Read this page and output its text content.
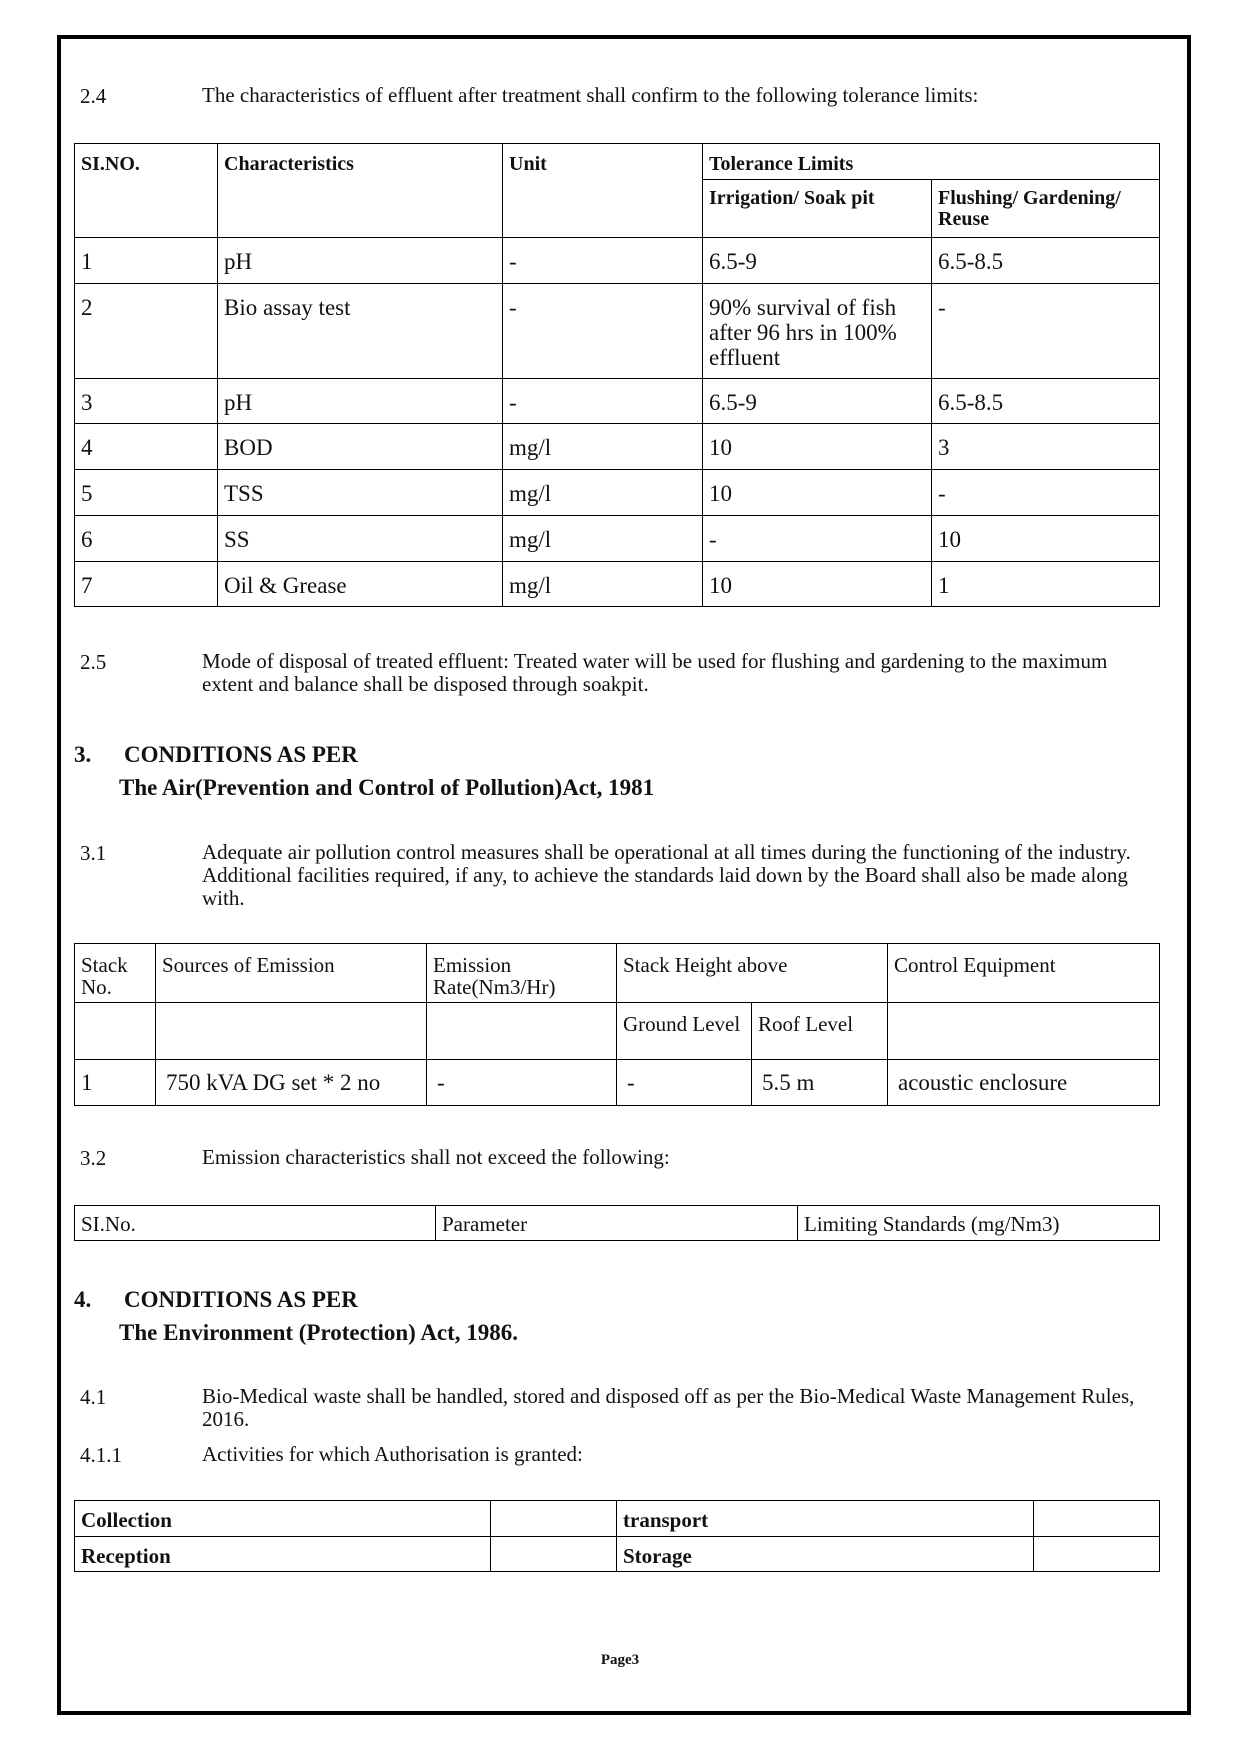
2.4	The characteristics of effluent after treatment shall confirm to the following tolerance limits:
SI.NO.	Characteristics	Unit	Tolerance Limits	
			Irrigation/ Soak pit	Flushing/ Gardening/ Reuse
1	pH	-	6.5-9	6.5-8.5
2	Bio assay test	-	90% survival of fish after 96 hrs in 100% effluent	-
3	pH	-	6.5-9	6.5-8.5
4	BOD	mg/l	10	3
5	TSS	mg/l	10	-
6	SS	mg/l	-	10
7	Oil & Grease	mg/l	10	1
2.5	Mode of disposal of treated effluent: Treated water will be used for flushing and gardening to the maximum extent and balance shall be disposed through soakpit.
3. CONDITIONS AS PER
The Air(Prevention and Control of Pollution)Act, 1981
3.1	Adequate air pollution control measures shall be operational at all times during the functioning of the industry. Additional facilities required, if any, to achieve the standards laid down by the Board shall also be made along with.
Stack No.	Sources of Emission	Emission Rate(Nm3/Hr)	Stack Height above		Control Equipment
			Ground Level	Roof Level	
1	750 kVA DG set * 2 no	-	-	5.5 m	acoustic enclosure
3.2	Emission characteristics shall not exceed the following:
SI.No.	Parameter	Limiting Standards (mg/Nm3)
4. CONDITIONS AS PER
The Environment (Protection) Act, 1986.
4.1	Bio-Medical waste shall be handled, stored and disposed off as per the Bio-Medical Waste Management Rules, 2016.
4.1.1	Activities for which Authorisation is granted:
Collection		transport	
Reception		Storage	
Page3
